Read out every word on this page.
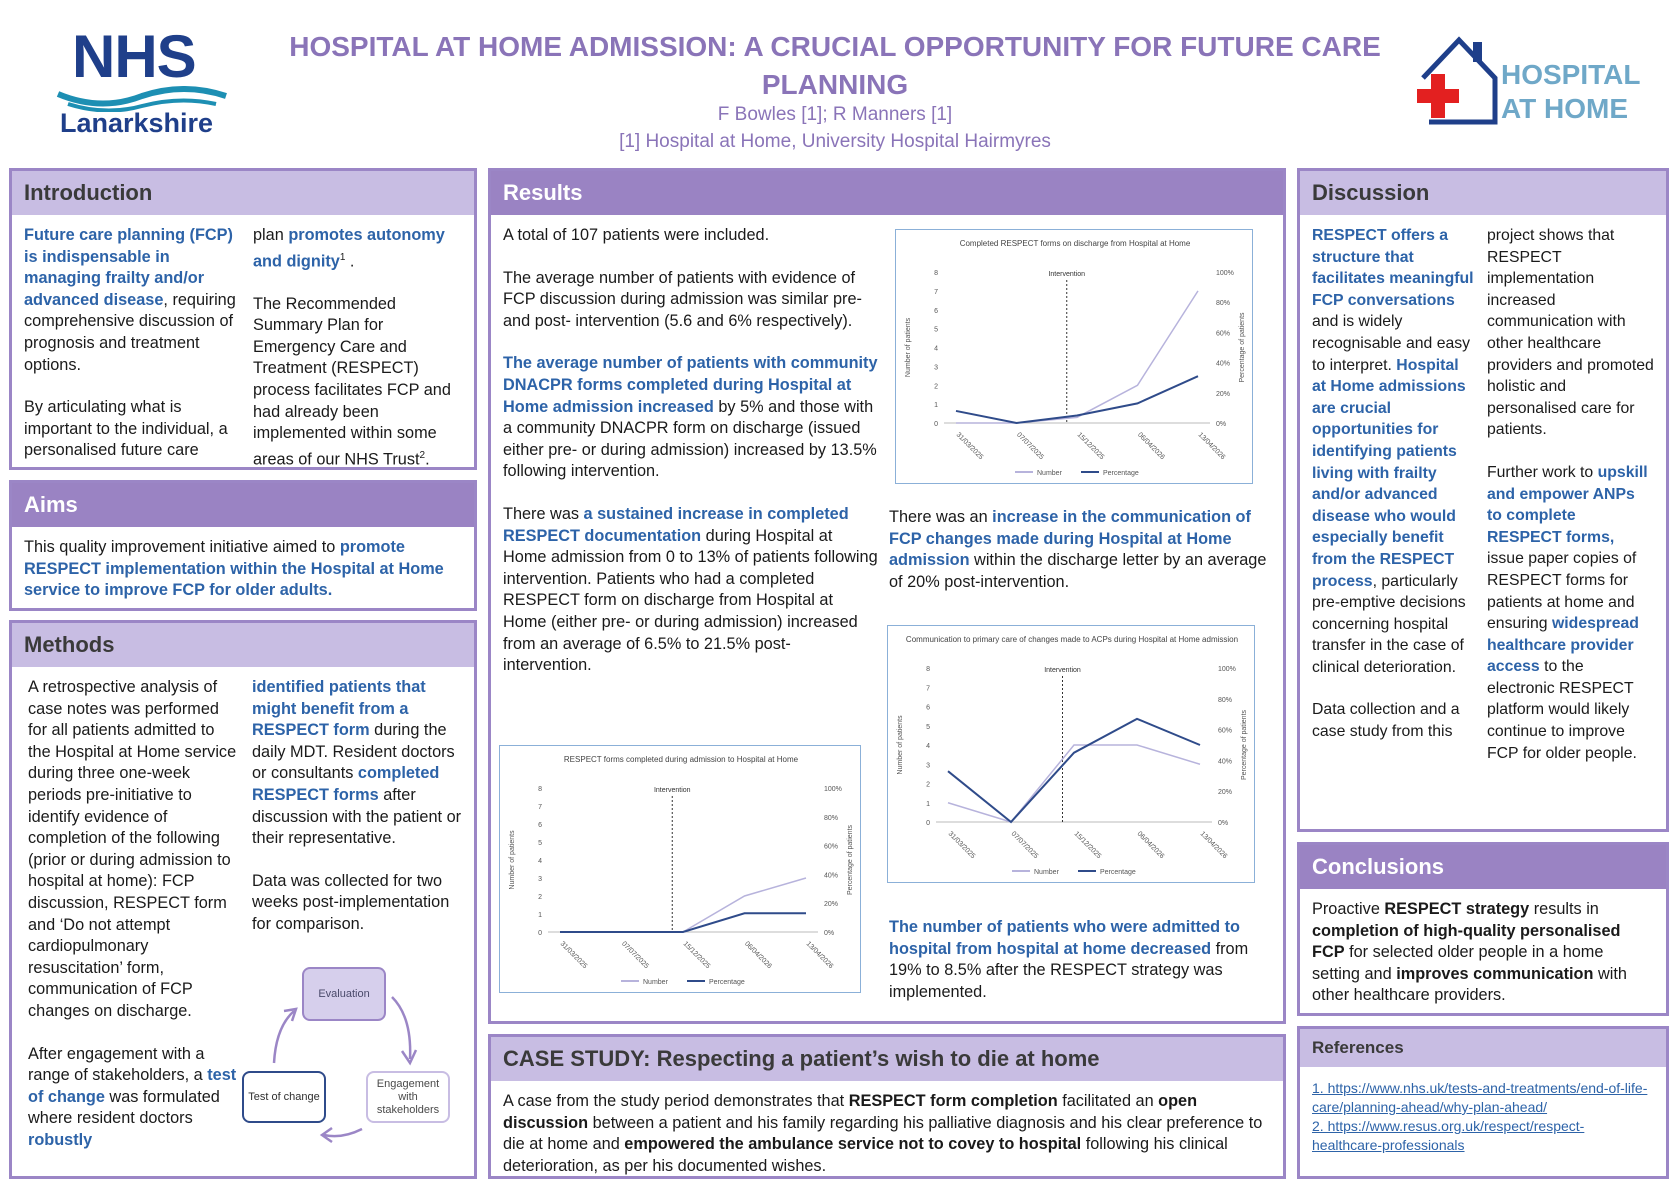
NHS
Lanarkshire
HOSPITAL AT HOME ADMISSION: A CRUCIAL OPPORTUNITY FOR FUTURE CARE PLANNING
F Bowles [1]; R Manners [1]
[1] Hospital at Home, University Hospital Hairmyres
HOSPITAL
AT HOME
Introduction

Future care planning (FCP) is indispensable in managing frailty and/or advanced disease, requiring comprehensive discussion of prognosis and treatment options.

By articulating what is important to the individual, a personalised future care

plan promotes autonomy and dignity$^1$ .

The Recommended Summary Plan for Emergency Care and Treatment (RESPECT) process facilitates FCP and had already been implemented within some areas of our NHS Trust$^2$.

Aims

This quality improvement initiative aimed to promote RESPECT implementation within the Hospital at Home service to improve FCP for older adults.

Methods

A retrospective analysis of case notes was performed for all patients admitted to the Hospital at Home service during three one-week periods pre-initiative to identify evidence of completion of the following (prior or during admission to hospital at home): FCP discussion, RESPECT form and ‘Do not attempt cardiopulmonary resuscitation’ form, communication of FCP changes on discharge.

After engagement with a range of stakeholders, a test of change was formulated where resident doctors robustly

identified patients that might benefit from a RESPECT form during the daily MDT. Resident doctors or consultants completed RESPECT forms after discussion with the patient or their representative.

Data was collected for two weeks post-implementation for comparison.

Evaluation
Test of change
Engagement with stakeholders
Results

A total of 107 patients were included.

The average number of patients with evidence of FCP discussion during admission was similar pre- and post- intervention (5.6 and 6% respectively).

The average number of patients with community DNACPR forms completed during Hospital at Home admission increased by 5% and those with a community DNACPR form on discharge (issued either pre- or during admission) increased by 13.5% following intervention.

There was a sustained increase in completed RESPECT documentation during Hospital at Home admission from 0 to 13% of patients following intervention. Patients who had a completed RESPECT form on discharge from Hospital at Home (either pre- or during admission) increased from an average of 6.5% to 21.5% post-intervention.

There was an increase in the communication of FCP changes made during Hospital at Home admission within the discharge letter by an average of 20% post-intervention.

The number of patients who were admitted to hospital from hospital at home decreased from 19% to 8.5% after the RESPECT strategy was implemented.

Completed RESPECT forms on discharge from Hospital at Home
0
1
2
3
4
5
6
7
8
0%
20%
40%
60%
80%
100%
31/03/2025	07/07/2025	15/12/2025	06/04/2026	13/04/2026
Number of patients	Percentage of patients
Intervention
Number	Percentage
RESPECT forms completed during admission to Hospital at Home
0
1
2
3
4
5
6
7
8
0%
20%
40%
60%
80%
100%
31/03/2025	07/07/2025	15/12/2025	06/04/2026	13/04/2026
Number of patients	Percentage of patients
Intervention
Number	Percentage
Communication to primary care of changes made to ACPs during Hospital at Home admission
0
1
2
3
4
5
6
7
8
0%
20%
40%
60%
80%
100%
31/03/2025	07/07/2025	15/12/2025	06/04/2026	13/04/2026
Number of patients	Percentage of patients
Intervention
Number	Percentage
Discussion

RESPECT offers a structure that facilitates meaningful FCP conversations and is widely recognisable and easy to interpret. Hospital at Home admissions are crucial opportunities for identifying patients living with frailty and/or advanced disease who would especially benefit from the RESPECT process, particularly pre-emptive decisions concerning hospital transfer in the case of clinical deterioration.

Data collection and a case study from this

project shows that RESPECT implementation increased communication with other healthcare providers and promoted holistic and personalised care for patients.

Further work to upskill and empower ANPs to complete RESPECT forms, issue paper copies of RESPECT forms for patients at home and ensuring widespread healthcare provider access to the electronic RESPECT platform would likely continue to improve FCP for older people.

Conclusions

Proactive RESPECT strategy results in completion of high-quality personalised FCP for selected older people in a home setting and improves communication with other healthcare providers.

References
1. https://www.nhs.uk/tests-and-treatments/end-of-life-care/planning-ahead/why-plan-ahead/
2. https://www.resus.org.uk/respect/respect-healthcare-professionals
CASE STUDY: Respecting a patient’s wish to die at home

A case from the study period demonstrates that RESPECT form completion facilitated an open discussion between a patient and his family regarding his palliative diagnosis and his clear preference to die at home and empowered the ambulance service not to covey to hospital following his clinical deterioration, as per his documented wishes.
